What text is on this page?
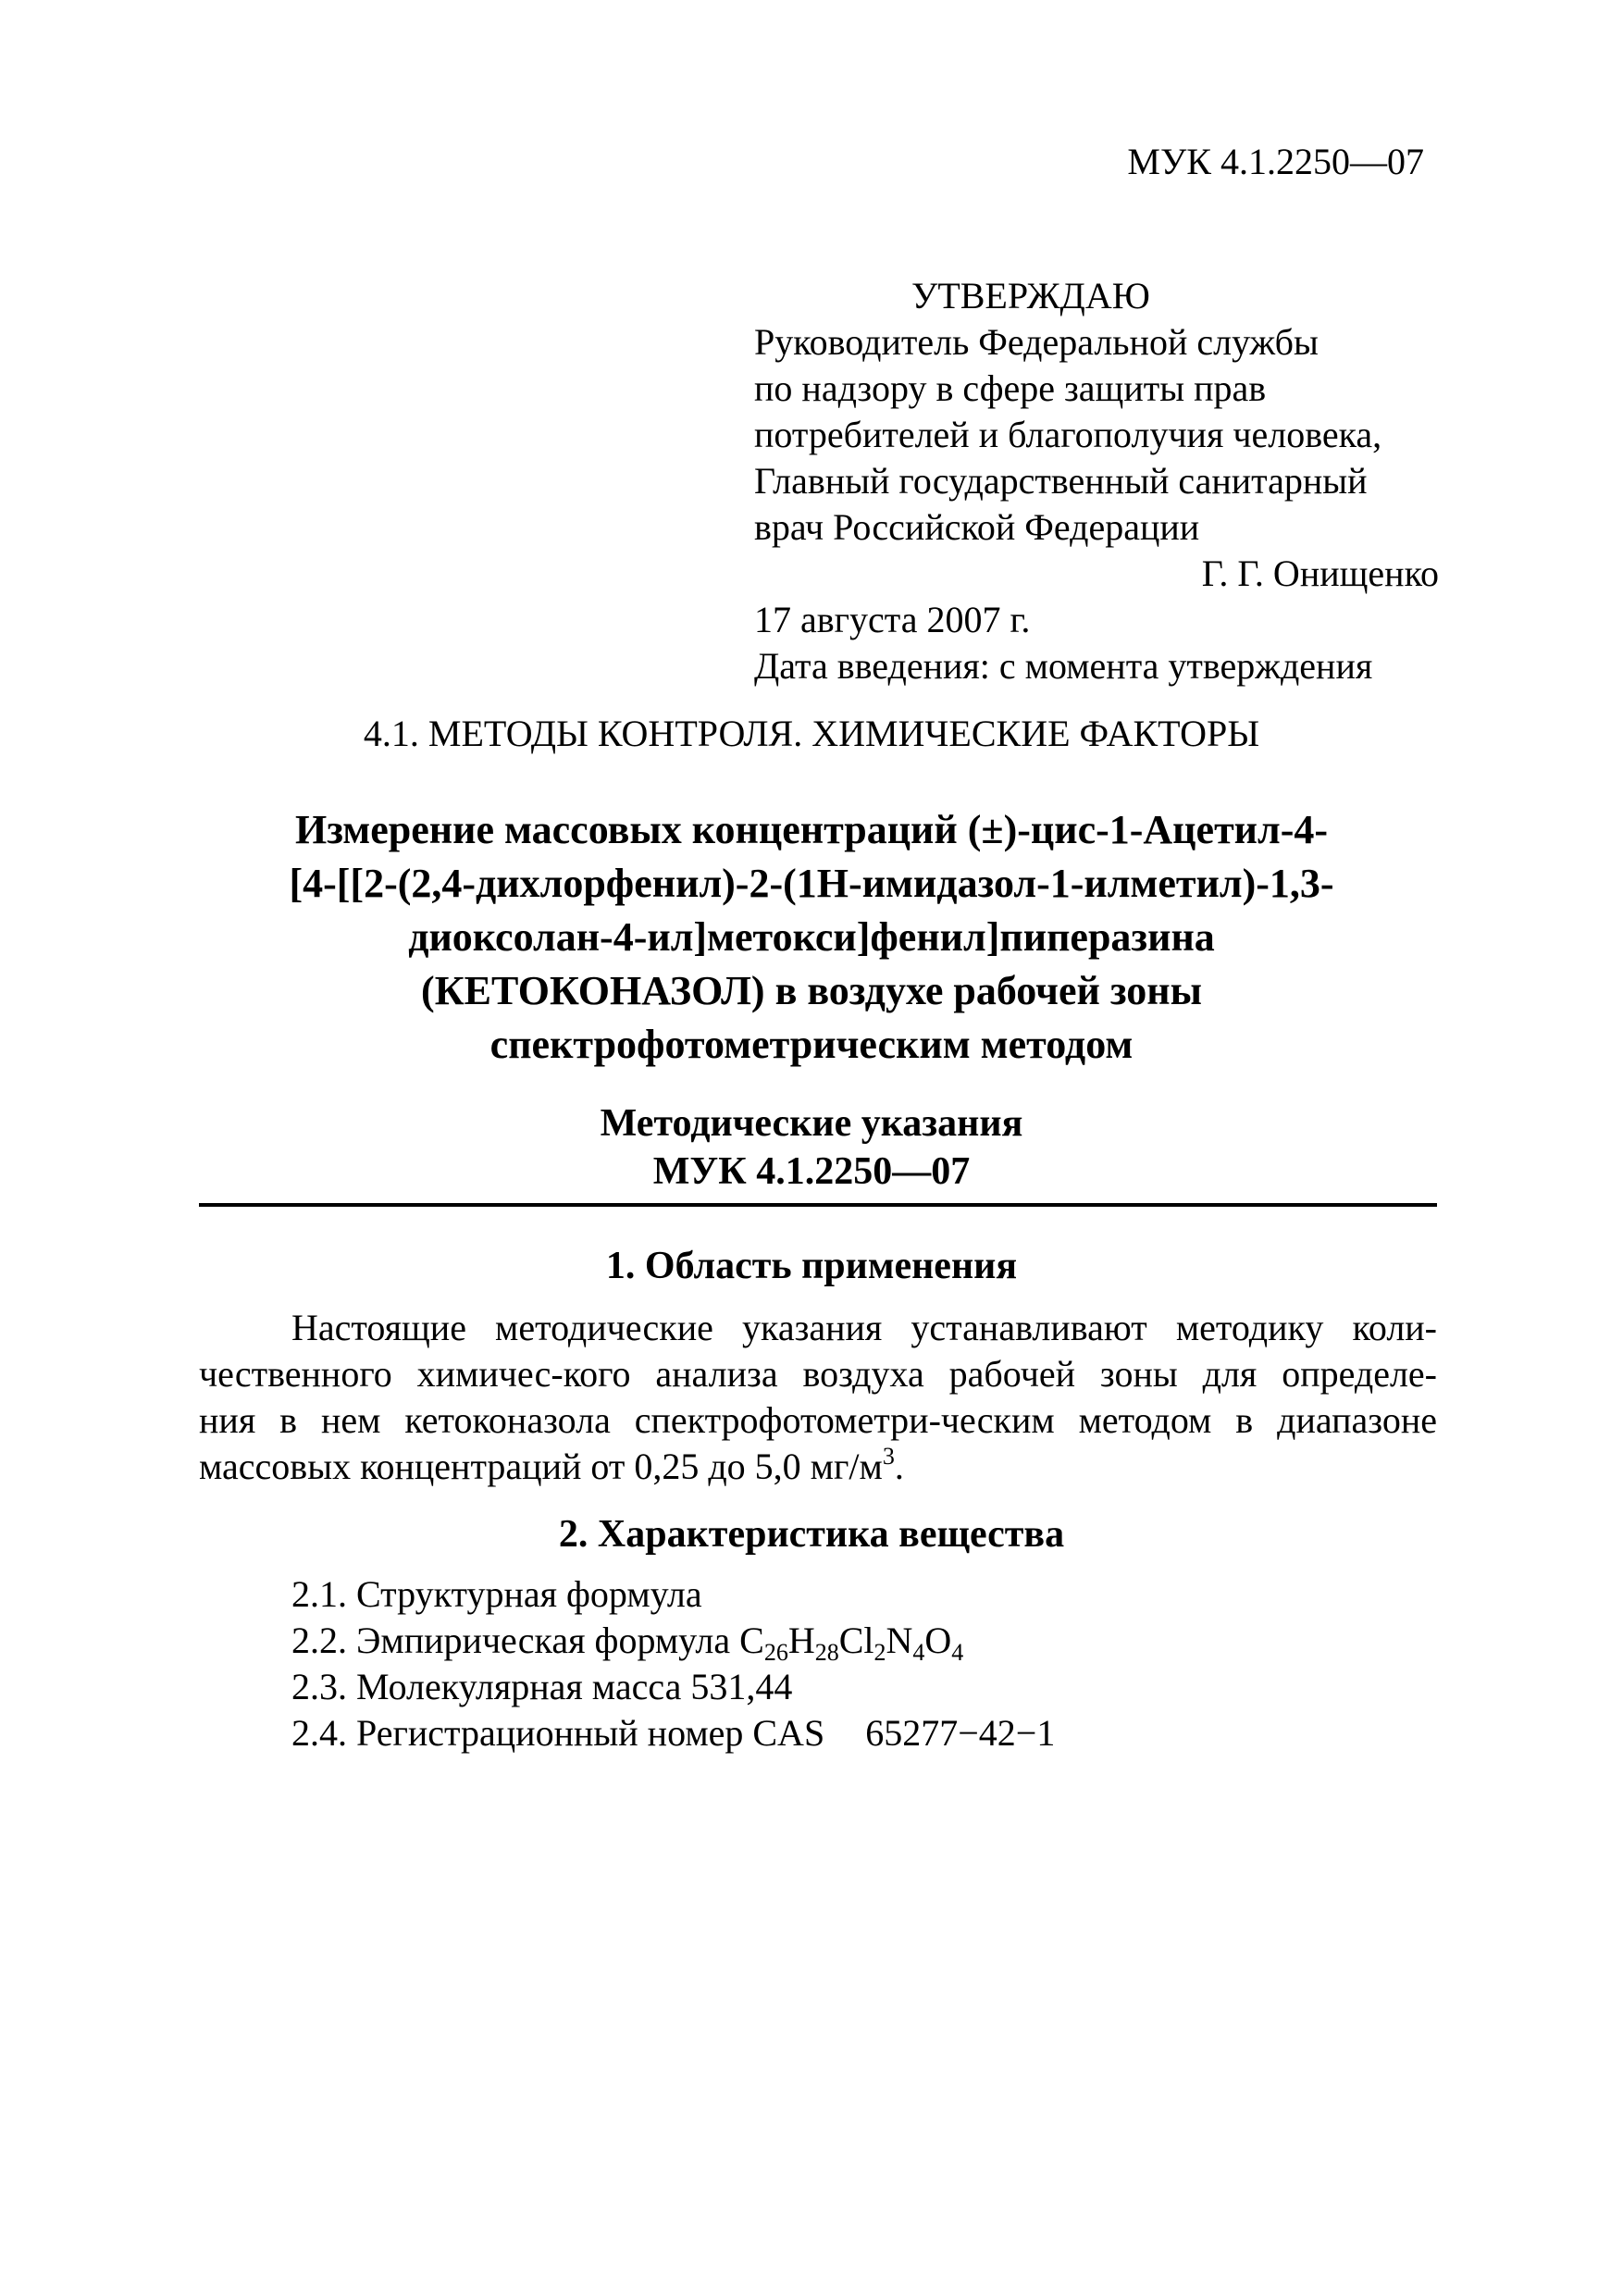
МУК 4.1.2250—07
УТВЕРЖДАЮ
Руководитель Федеральной службы
по надзору в сфере защиты прав
потребителей и благополучия человека,
Главный государственный санитарный
врач Российской Федерации
Г. Г. Онищенко
17 августа 2007 г.
Дата введения: с момента утверждения
4.1. МЕТОДЫ КОНТРОЛЯ. ХИМИЧЕСКИЕ ФАКТОРЫ
Измерение массовых концентраций (±)-цис-1-Ацетил-4-
[4-[[2-(2,4-дихлорфенил)-2-(1Н-имидазол-1-илметил)-1,3-
диоксолан-4-ил]метокси]фенил]пиперазина
(КЕТОКОНАЗОЛ) в воздухе рабочей зоны
спектрофотометрическим методом
Методические указания
МУК 4.1.2250—07
1. Область применения
Настоящие методические указания устанавливают методику коли-
чественного химичес-кого анализа воздуха рабочей зоны для определе-
ния в нем кетоконазола спектрофотометри-ческим методом в диапазоне
массовых концентраций от 0,25 до 5,0 $мг/м^3$.
2. Характеристика вещества
2.1. Структурная формула
2.2. Эмпирическая формула $C_{26}H_{28}Cl_2N_4O_4$
2.3. Молекулярная масса 531,44
2.4. Регистрационный номер CAS 65277−42−1
